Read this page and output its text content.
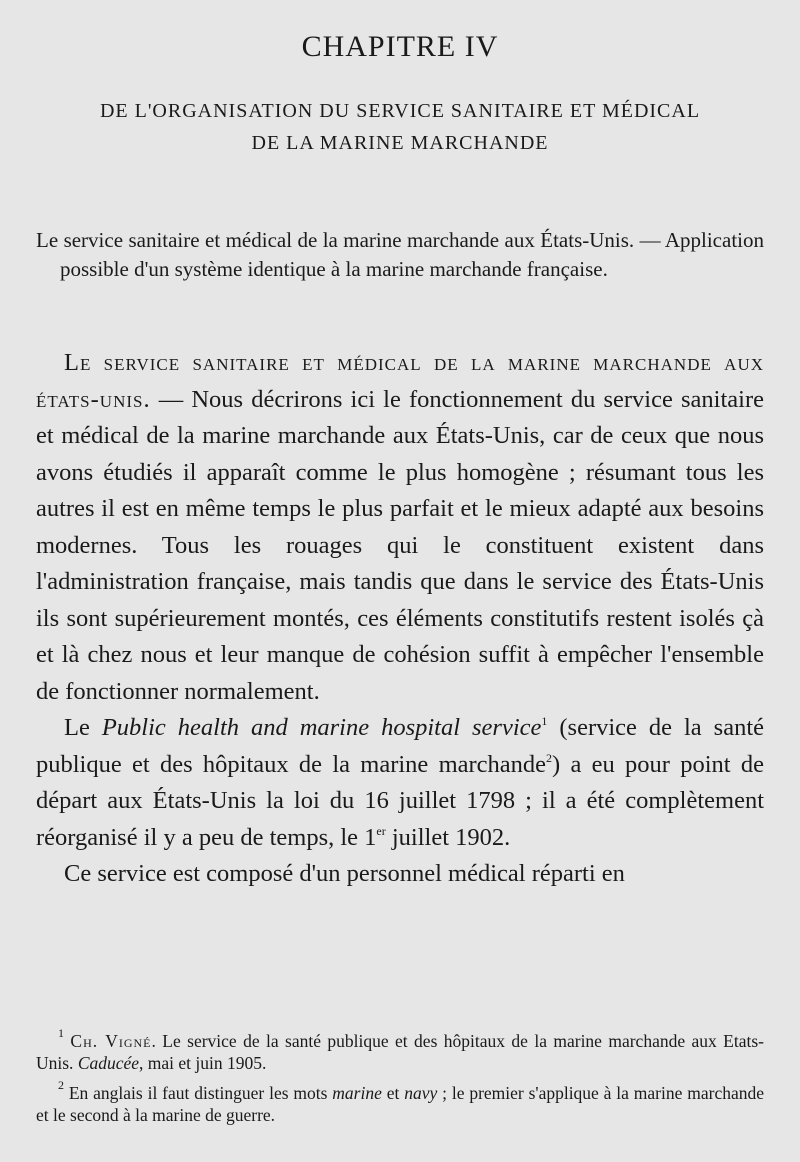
CHAPITRE IV
DE L'ORGANISATION DU SERVICE SANITAIRE ET MÉDICAL
DE LA MARINE MARCHANDE
Le service sanitaire et médical de la marine marchande aux États-Unis. — Application possible d'un système identique à la marine marchande française.

Le service sanitaire et médical de la marine marchande aux états-unis. — Nous décrirons ici le fonctionnement du service sanitaire et médical de la marine marchande aux États-Unis, car de ceux que nous avons étudiés il apparaît comme le plus homogène ; résumant tous les autres il est en même temps le plus parfait et le mieux adapté aux besoins modernes. Tous les rouages qui le constituent existent dans l'administration française, mais tandis que dans le service des États-Unis ils sont supérieurement montés, ces éléments constitutifs restent isolés çà et là chez nous et leur manque de cohésion suffit à empêcher l'ensemble de fonctionner normalement.

Le Public health and marine hospital service$^1$ (service de la santé publique et des hôpitaux de la marine marchande$^2$) a eu pour point de départ aux États-Unis la loi du 16 juillet 1798 ; il a été complètement réorganisé il y a peu de temps, le 1er juillet 1902.

Ce service est composé d'un personnel médical réparti en

$^1$ Ch. Vigné. Le service de la santé publique et des hôpitaux de la marine marchande aux Etats-Unis. Caducée, mai et juin 1905.

$^2$ En anglais il faut distinguer les mots marine et navy ; le premier s'applique à la marine marchande et le second à la marine de guerre.
